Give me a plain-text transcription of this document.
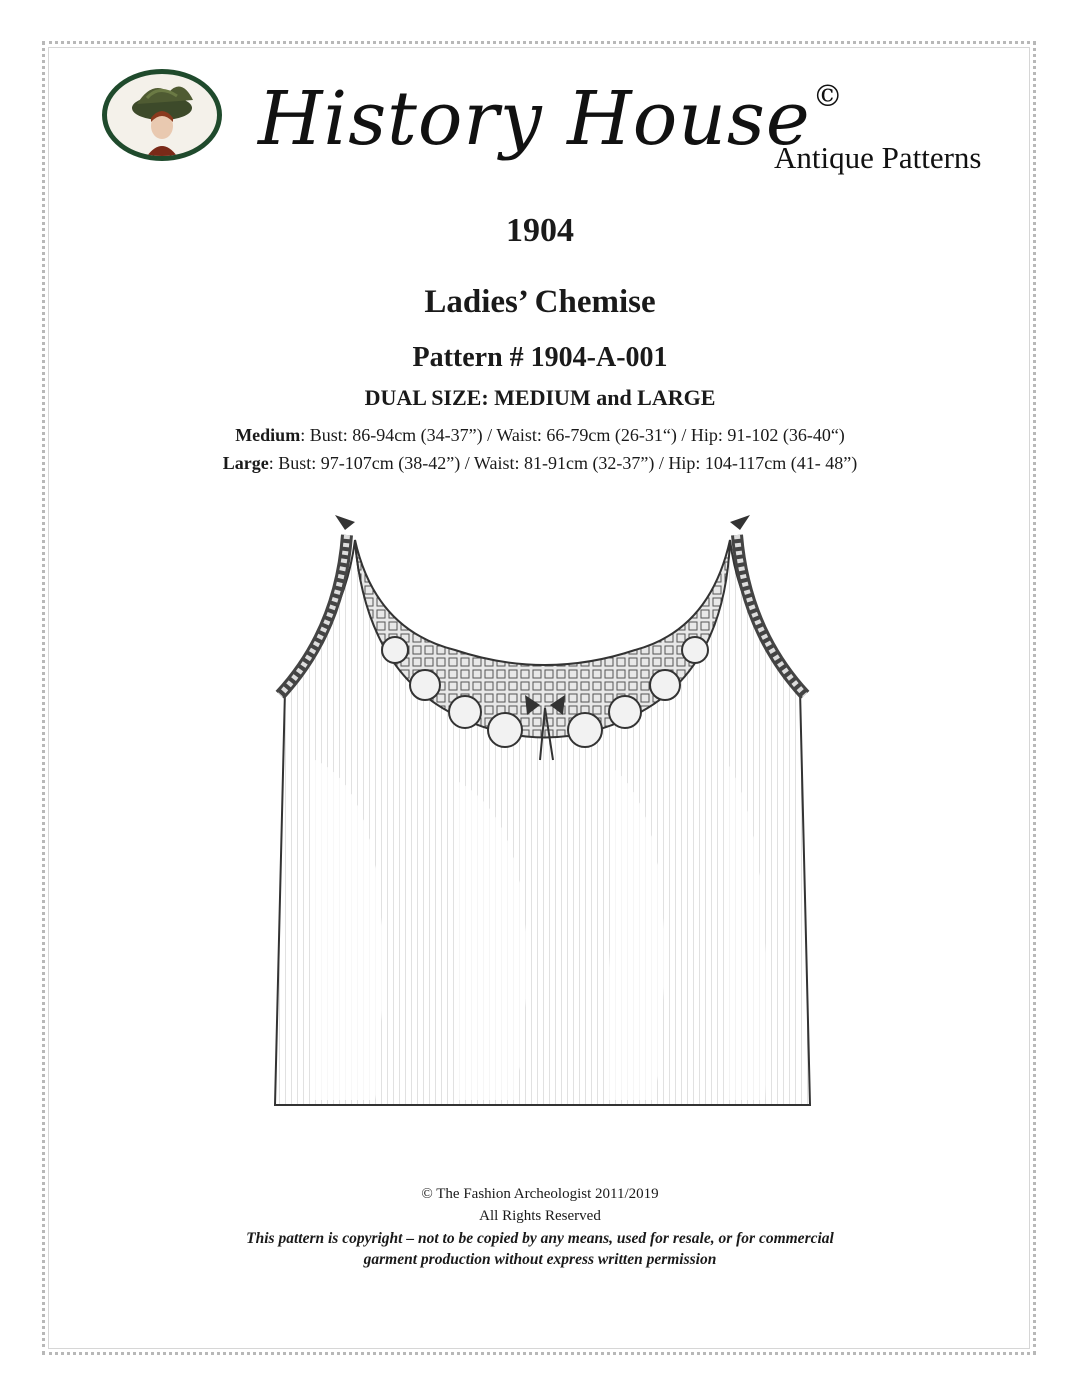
History House©
Antique Patterns
1904
Ladies’ Chemise
Pattern # 1904-A-001
DUAL SIZE: MEDIUM and LARGE
Medium: Bust: 86-94cm (34-37”) / Waist: 66-79cm (26-31“) / Hip: 91-102 (36-40“)
Large: Bust: 97-107cm (38-42”) / Waist: 81-91cm (32-37”) / Hip: 104-117cm (41- 48”)
© The Fashion Archeologist 2011/2019
All Rights Reserved
This pattern is copyright – not to be copied by any means, used for resale, or for commercial
garment production without express written permission
